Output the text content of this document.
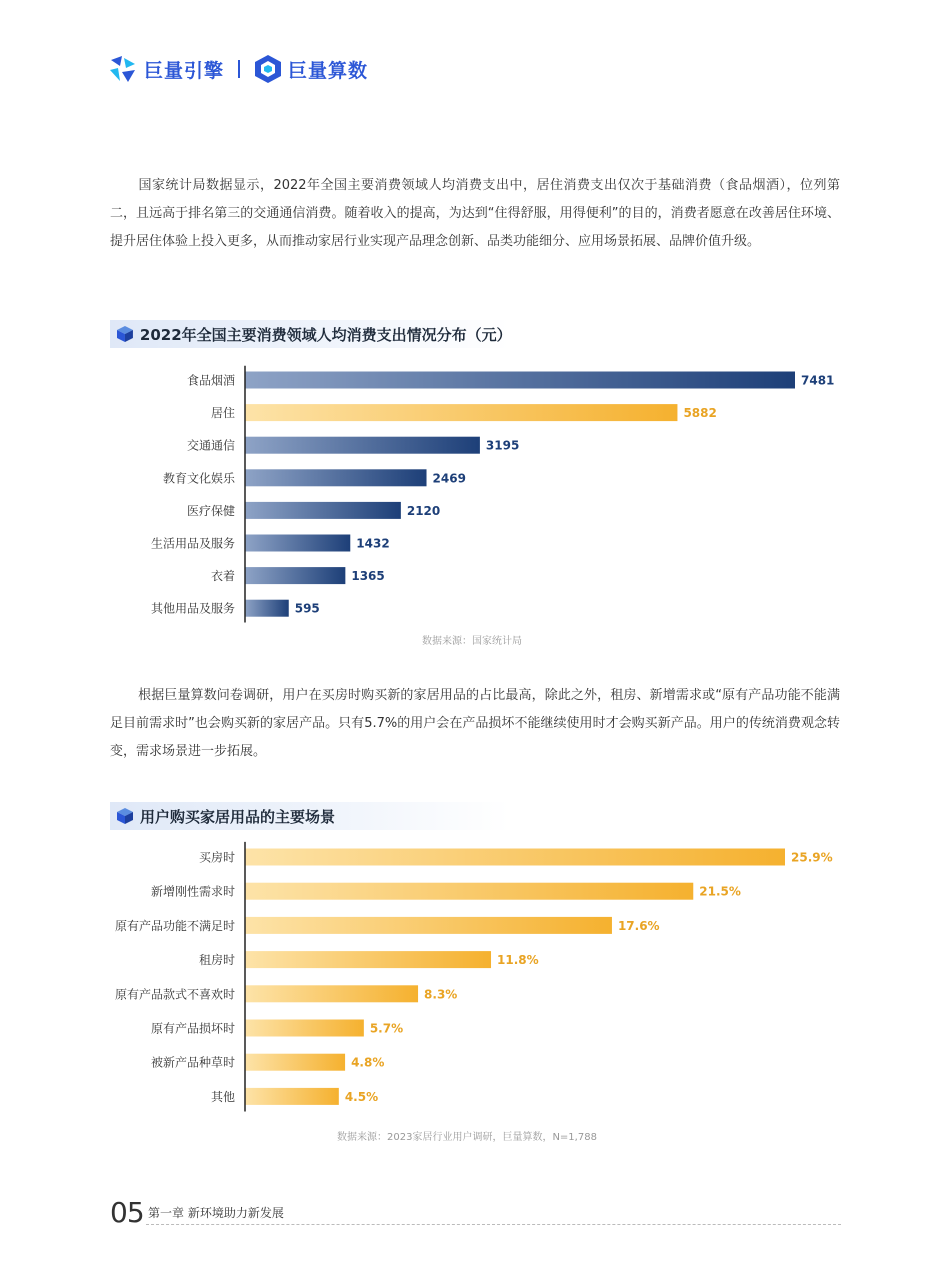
巨量引擎	巨量算数

国家统计局数据显示，2022年全国主要消费领域人均消费支出中，居住消费支出仅次于基础消费（食品烟酒），位列第二，且远高于排名第三的交通通信消费。随着收入的提高，为达到“住得舒服，用得便利”的目的，消费者愿意在改善居住环境、提升居住体验上投入更多，从而推动家居行业实现产品理念创新、品类功能细分、应用场景拓展、品牌价值升级。

2022年全国主要消费领域人均消费支出情况分布（元）
食品烟酒	7481
居住	5882
交通通信	3195
教育文化娱乐	2469
医疗保健	2120
生活用品及服务	1432
衣着	1365
其他用品及服务	595
买房时	25.9%
新增刚性需求时	21.5%
原有产品功能不满足时	17.6%
租房时	11.8%
原有产品款式不喜欢时	8.3%
原有产品损坏时	5.7%
被新产品种草时	4.8%
其他	4.5%
数据来源：国家统计局

根据巨量算数问卷调研，用户在买房时购买新的家居用品的占比最高，除此之外，租房、新增需求或“原有产品功能不能满足目前需求时”也会购买新的家居产品。只有5.7%的用户会在产品损坏不能继续使用时才会购买新产品。用户的传统消费观念转变，需求场景进一步拓展。

用户购买家居用品的主要场景
数据来源：2023家居行业用户调研，巨量算数，N=1,788
05 第一章 新环境助力新发展
